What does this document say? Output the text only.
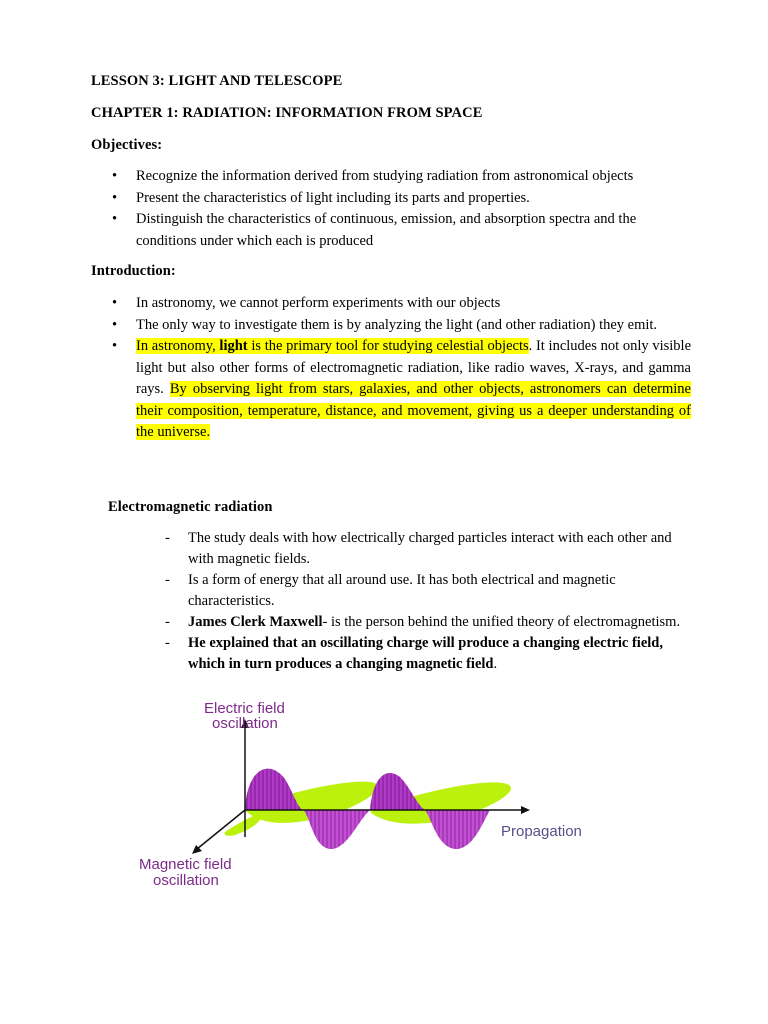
LESSON 3: LIGHT AND TELESCOPE
CHAPTER 1: RADIATION: INFORMATION FROM SPACE
Objectives:
• Recognize the information derived from studying radiation from astronomical objects
• Present the characteristics of light including its parts and properties.
• Distinguish the characteristics of continuous, emission, and absorption spectra and the conditions under which each is produced
Introduction:
• In astronomy, we cannot perform experiments with our objects
• The only way to investigate them is by analyzing the light (and other radiation) they emit.
• In astronomy, light is the primary tool for studying celestial objects. It includes not only visible light but also other forms of electromagnetic radiation, like radio waves, X-rays, and gamma rays. By observing light from stars, galaxies, and other objects, astronomers can determine their composition, temperature, distance, and movement, giving us a deeper understanding of the universe.
Electromagnetic radiation
- The study deals with how electrically charged particles interact with each other and with magnetic fields.
- Is a form of energy that all around use. It has both electrical and magnetic characteristics.
- James Clerk Maxwell- is the person behind the unified theory of electromagnetism.
- He explained that an oscillating charge will produce a changing electric field, which in turn produces a changing magnetic field.
Electric field
oscillation
Propagation
Magnetic field
oscillation
